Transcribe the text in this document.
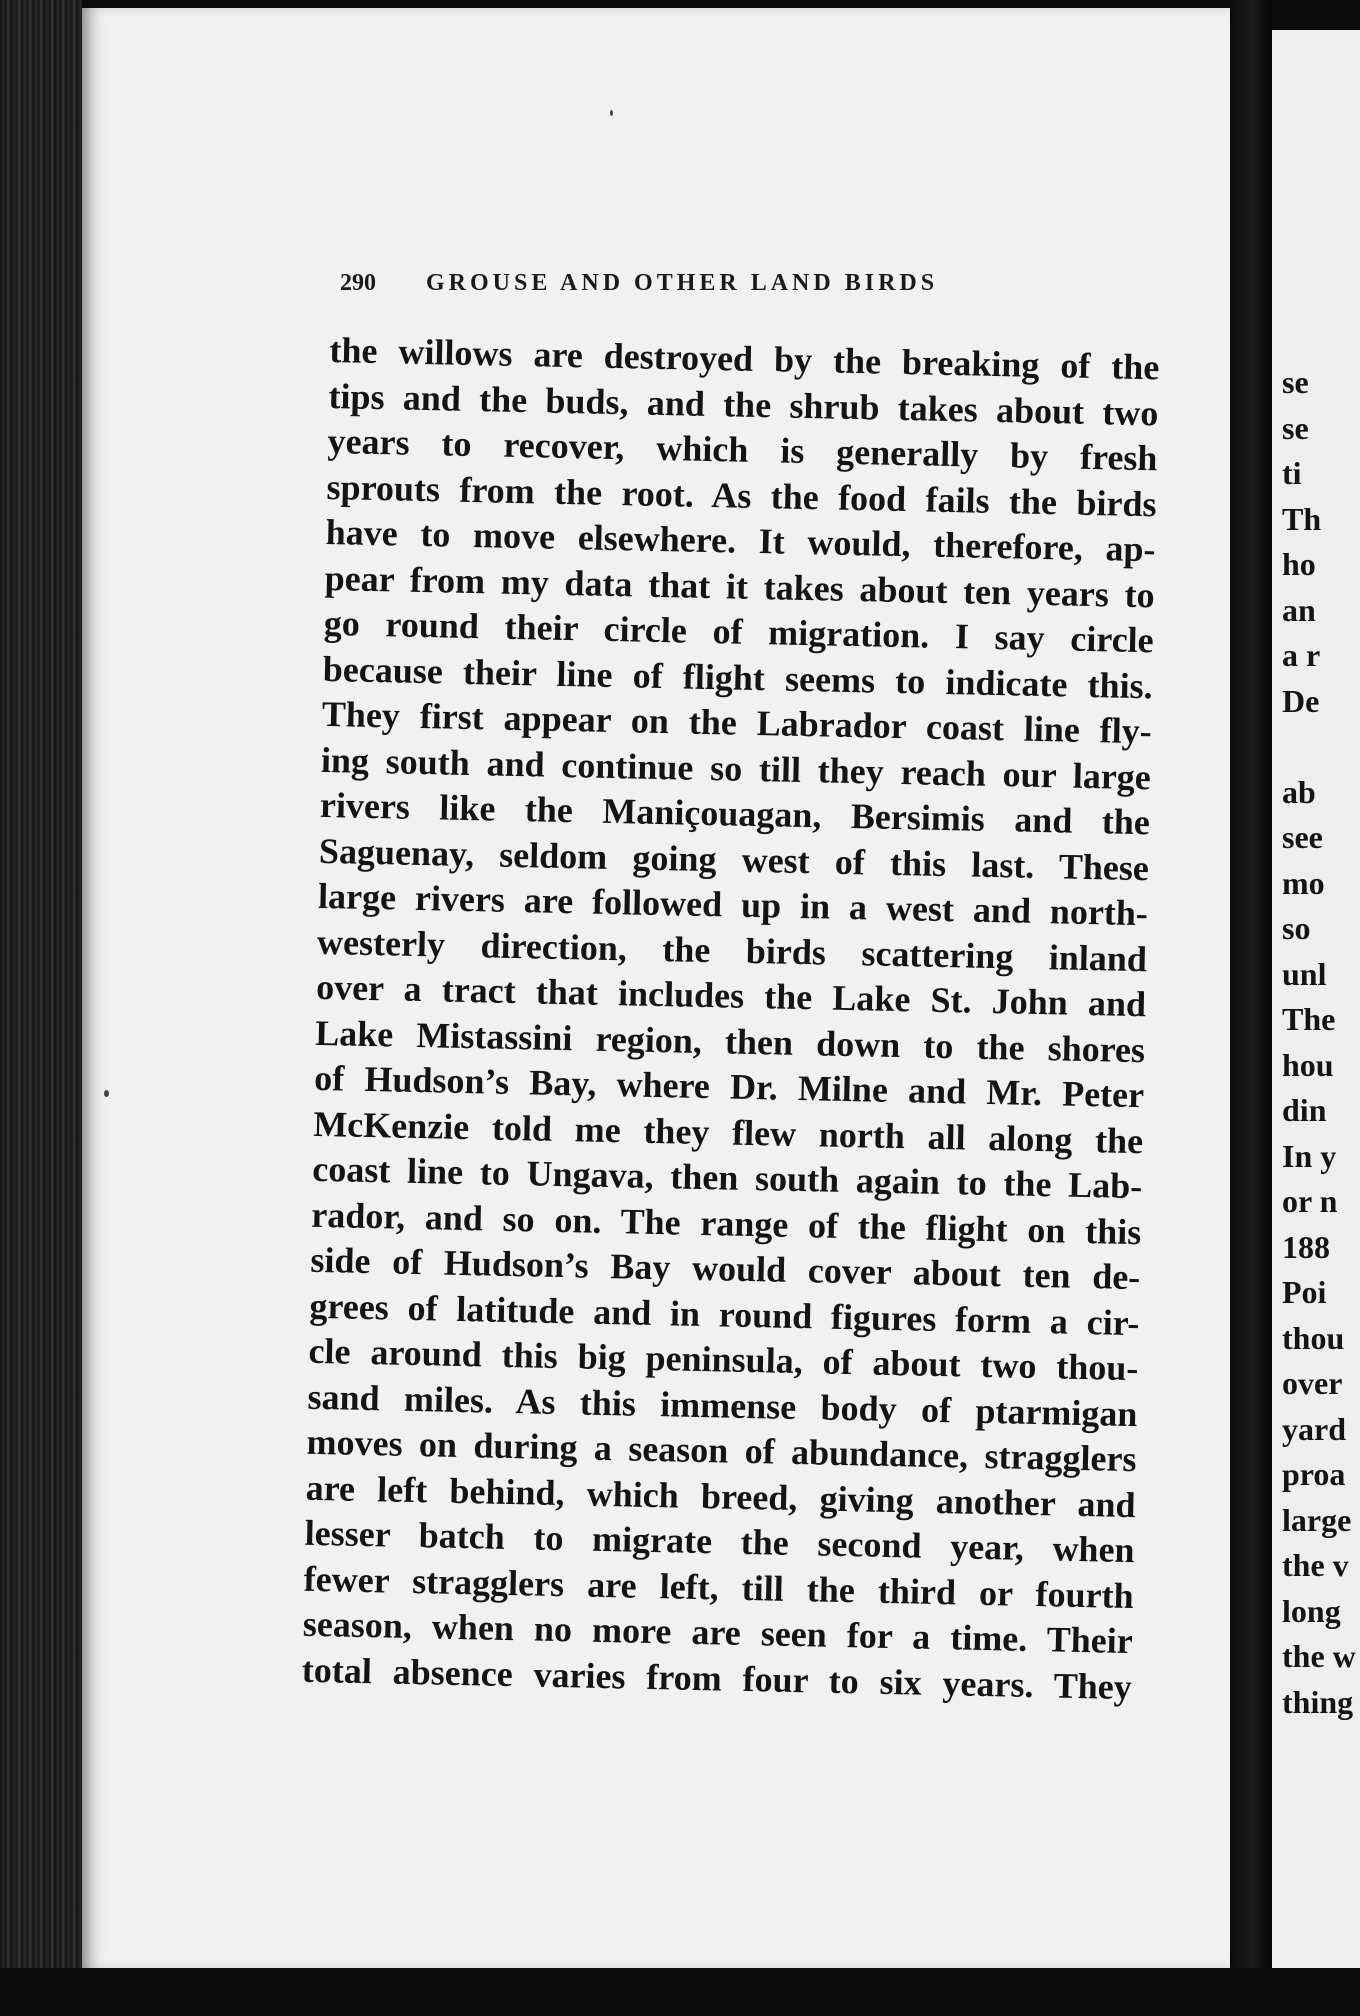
290 GROUSE AND OTHER LAND BIRDS
the willows are destroyed by the breaking of the
tips and the buds, and the shrub takes about two
years to recover, which is generally by fresh
sprouts from the root. As the food fails the birds
have to move elsewhere. It would, therefore, ap-
pear from my data that it takes about ten years to
go round their circle of migration. I say circle
because their line of flight seems to indicate this.
They first appear on the Labrador coast line fly-
ing south and continue so till they reach our large
rivers like the Maniçouagan, Bersimis and the
Saguenay, seldom going west of this last. These
large rivers are followed up in a west and north-
westerly direction, the birds scattering inland
over a tract that includes the Lake St. John and
Lake Mistassini region, then down to the shores
of Hudson’s Bay, where Dr. Milne and Mr. Peter
McKenzie told me they flew north all along the
coast line to Ungava, then south again to the Lab-
rador, and so on. The range of the flight on this
side of Hudson’s Bay would cover about ten de-
grees of latitude and in round figures form a cir-
cle around this big peninsula, of about two thou-
sand miles. As this immense body of ptarmigan
moves on during a season of abundance, stragglers
are left behind, which breed, giving another and
lesser batch to migrate the second year, when
fewer stragglers are left, till the third or fourth
season, when no more are seen for a time. Their
total absence varies from four to six years. They
se
se
ti
Th
ho
an
a r
De
ab
see
mo
so
unl
The
hou
din
In y
or n
188
Poi
thou
over
yard
proa
large
the v
long
the w
thing
